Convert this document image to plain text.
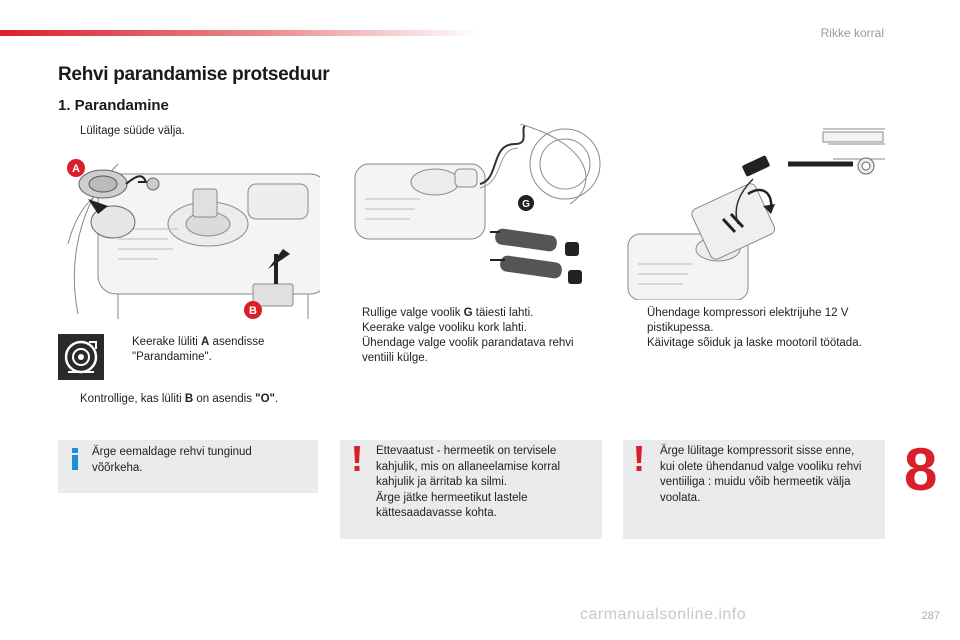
Rikke korral
Rehvi parandamise protseduur
1. Parandamine
Lülitage süüde välja.
A
B
Keerake lüliti A asendisse
"Parandamine".
Kontrollige, kas lüliti B on asendis "O".
Ärge eemaldage rehvi tunginud
võõrkeha.
G
Rullige valge voolik G täiesti lahti.
Keerake valge vooliku kork lahti.
Ühendage valge voolik parandatava rehvi
ventiili külge.
Ettevaatust - hermeetik on tervisele
kahjulik, mis on allaneelamise korral
kahjulik ja ärritab ka silmi.
Ärge jätke hermeetikut lastele
kättesaadavasse kohta.
Ühendage kompressori elektrijuhe 12 V
pistikupessa.
Käivitage sõiduk ja laske mootoril töötada.
Ärge lülitage kompressorit sisse enne,
kui olete ühendanud valge vooliku rehvi
ventiiliga : muidu võib hermeetik välja
voolata.	8
carmanualsonline.info	287
